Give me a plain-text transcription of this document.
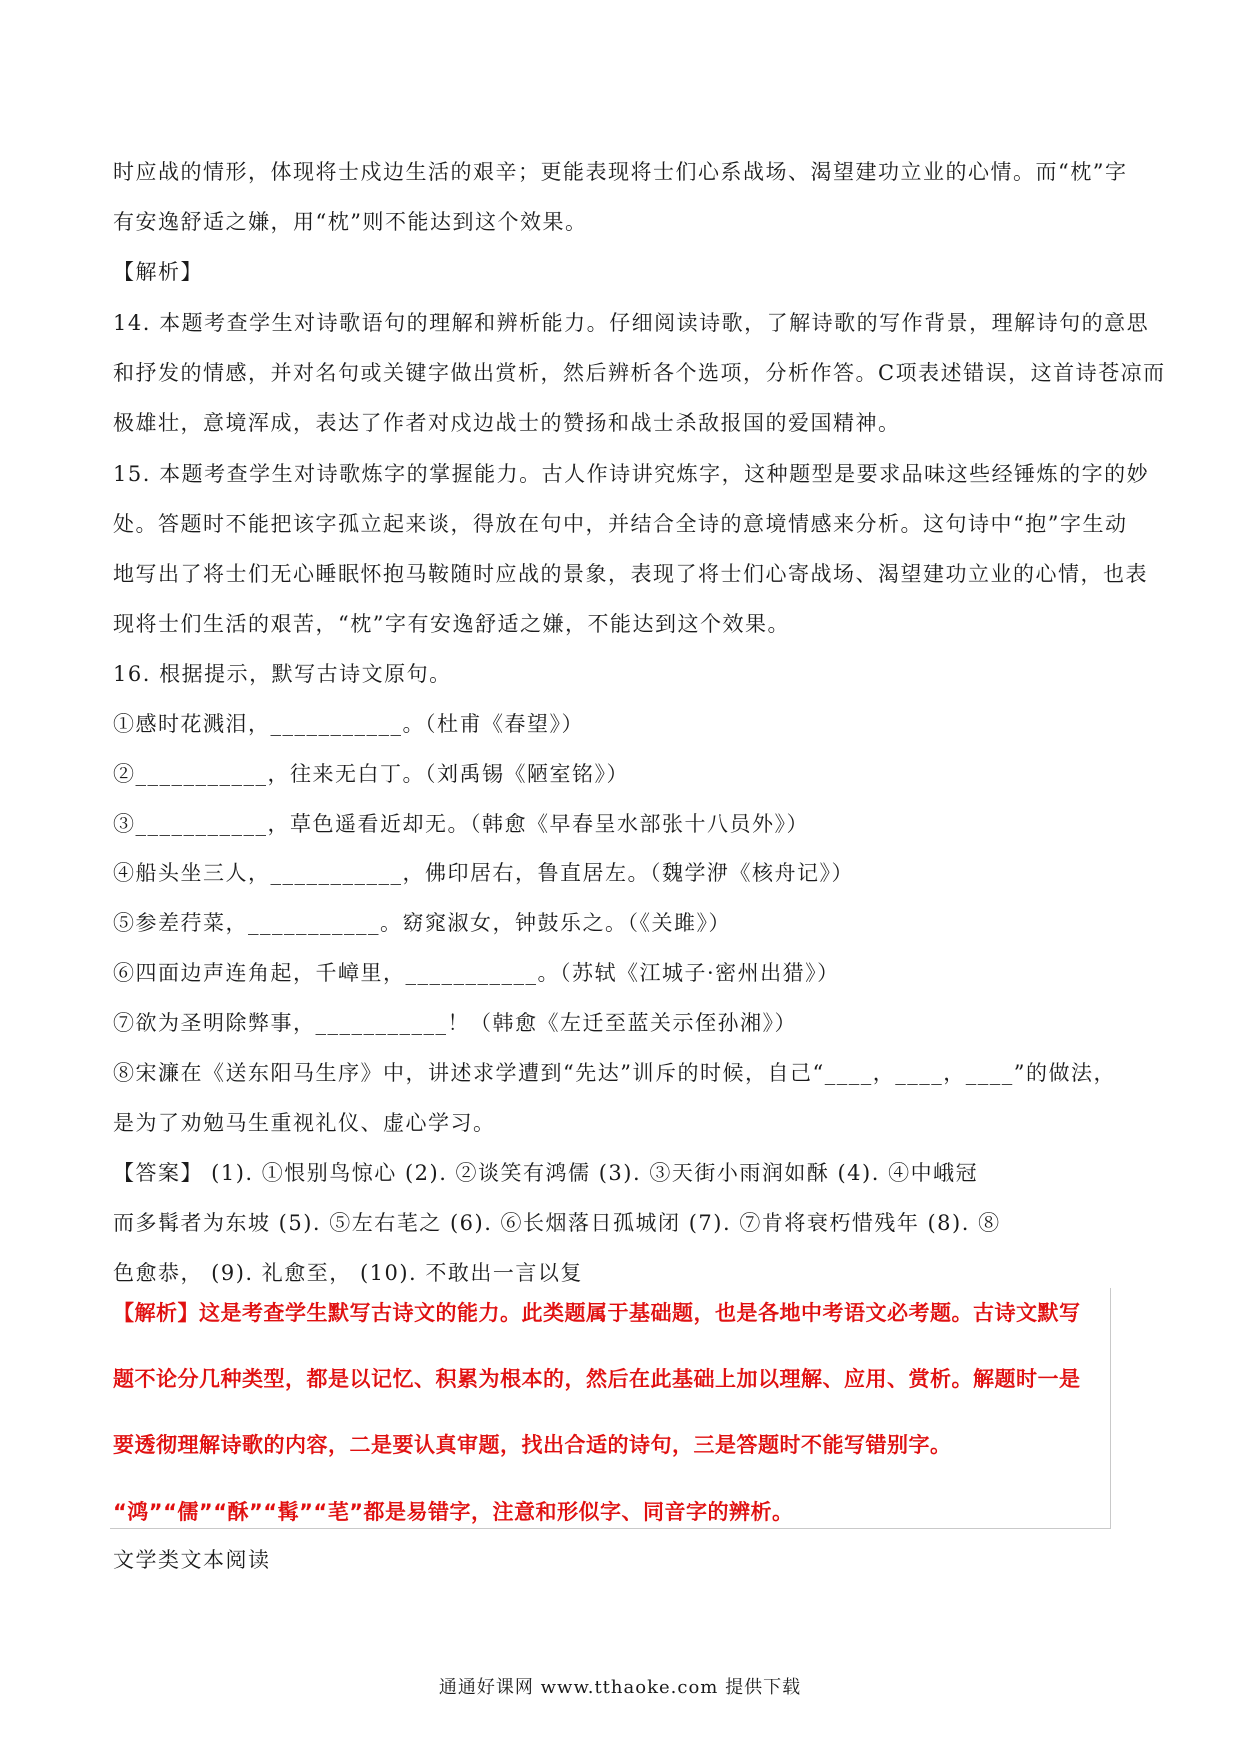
时应战的情形，体现将士戍边生活的艰辛；更能表现将士们心系战场、渴望建功立业的心情。而“枕”字
有安逸舒适之嫌，用“枕”则不能达到这个效果。
【解析】
14. 本题考查学生对诗歌语句的理解和辨析能力。仔细阅读诗歌，了解诗歌的写作背景，理解诗句的意思
和抒发的情感，并对名句或关键字做出赏析，然后辨析各个选项，分析作答。C项表述错误，这首诗苍凉而
极雄壮，意境浑成，表达了作者对戍边战士的赞扬和战士杀敌报国的爱国精神。
15. 本题考查学生对诗歌炼字的掌握能力。古人作诗讲究炼字，这种题型是要求品味这些经锤炼的字的妙
处。答题时不能把该字孤立起来谈，得放在句中，并结合全诗的意境情感来分析。这句诗中“抱”字生动
地写出了将士们无心睡眠怀抱马鞍随时应战的景象，表现了将士们心寄战场、渴望建功立业的心情，也表
现将士们生活的艰苦，“枕”字有安逸舒适之嫌，不能达到这个效果。
16. 根据提示，默写古诗文原句。
①感时花溅泪，___________。（杜甫《春望》）
②___________，往来无白丁。（刘禹锡《陋室铭》）
③___________，草色遥看近却无。（韩愈《早春呈水部张十八员外》）
④船头坐三人，___________，佛印居右，鲁直居左。（魏学洢《核舟记》）
⑤参差荇菜，___________。窈窕淑女，钟鼓乐之。（《关雎》）
⑥四面边声连角起，千嶂里，___________。（苏轼《江城子·密州出猎》）
⑦欲为圣明除弊事，___________！（韩愈《左迁至蓝关示侄孙湘》）
⑧宋濂在《送东阳马生序》中，讲述求学遭到“先达”训斥的时候，自己“____，____，____”的做法，
是为了劝勉马生重视礼仪、虚心学习。
【答案】 (1). ①恨别鸟惊心 (2). ②谈笑有鸿儒 (3). ③天街小雨润如酥 (4). ④中峨冠
而多髯者为东坡 (5). ⑤左右芼之 (6). ⑥长烟落日孤城闭 (7). ⑦肯将衰朽惜残年 (8). ⑧
色愈恭， (9). 礼愈至， (10). 不敢出一言以复
【解析】这是考查学生默写古诗文的能力。此类题属于基础题，也是各地中考语文必考题。古诗文默写
题不论分几种类型，都是以记忆、积累为根本的，然后在此基础上加以理解、应用、赏析。解题时一是
要透彻理解诗歌的内容，二是要认真审题，找出合适的诗句，三是答题时不能写错别字。
“鸿”“儒”“酥”“髯”“芼”都是易错字，注意和形似字、同音字的辨析。
文学类文本阅读
通通好课网 www.tthaoke.com 提供下载
